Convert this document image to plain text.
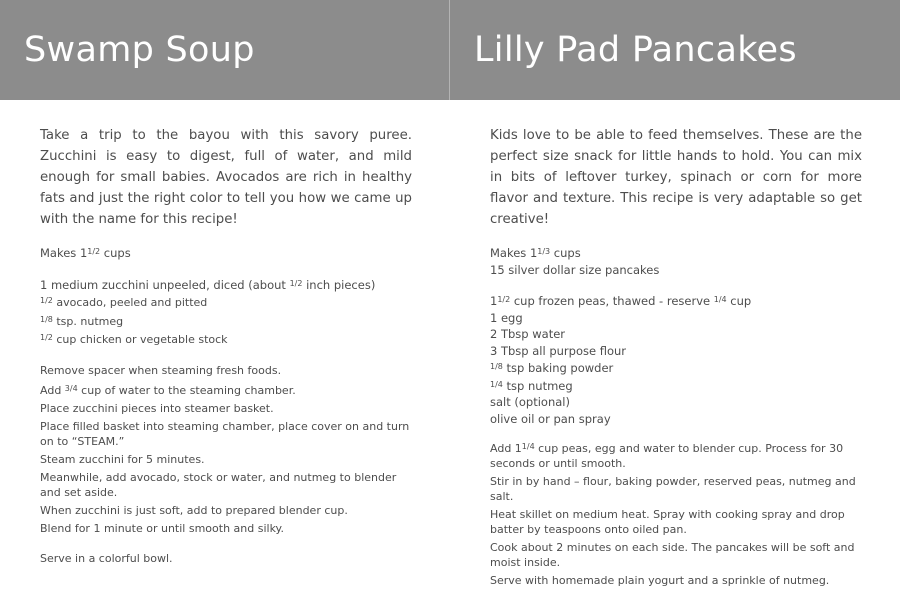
Swamp Soup

Take a trip to the bayou with this savory puree. Zucchini is easy to digest, full of water, and mild enough for small babies. Avocados are rich in healthy fats and just the right color to tell you how we came up with the name for this recipe!

Makes $1^{1/2}$ cups
1 medium zucchini unpeeled, diced (about $^{1/2}$ inch pieces)
$^{1/2}$ avocado, peeled and pitted
$^{1/8}$ tsp. nutmeg
$^{1/2}$ cup chicken or vegetable stock

Remove spacer when steaming fresh foods.

Add $^{3/4}$ cup of water to the steaming chamber.

Place zucchini pieces into steamer basket.

Place filled basket into steaming chamber, place cover on and turn on to “STEAM.”

Steam zucchini for 5 minutes.

Meanwhile, add avocado, stock or water, and nutmeg to blender and set aside.

When zucchini is just soft, add to prepared blender cup.

Blend for 1 minute or until smooth and silky.

Serve in a colorful bowl.

Lilly Pad Pancakes

Kids love to be able to feed themselves. These are the perfect size snack for little hands to hold. You can mix in bits of leftover turkey, spinach or corn for more flavor and texture. This recipe is very adaptable so get creative!

Makes $1^{1/3}$ cups
15 silver dollar size pancakes
$1^{1/2}$ cup frozen peas, thawed - reserve $^{1/4}$ cup
1 egg
2 Tbsp water
3 Tbsp all purpose flour
$^{1/8}$ tsp baking powder
$^{1/4}$ tsp nutmeg
salt (optional)
olive oil or pan spray

Add $1^{1/4}$ cup peas, egg and water to blender cup. Process for 30 seconds or until smooth.

Stir in by hand – flour, baking powder, reserved peas, nutmeg and salt.

Heat skillet on medium heat. Spray with cooking spray and drop batter by teaspoons onto oiled pan.

Cook about 2 minutes on each side. The pancakes will be soft and moist inside.

Serve with homemade plain yogurt and a sprinkle of nutmeg.
